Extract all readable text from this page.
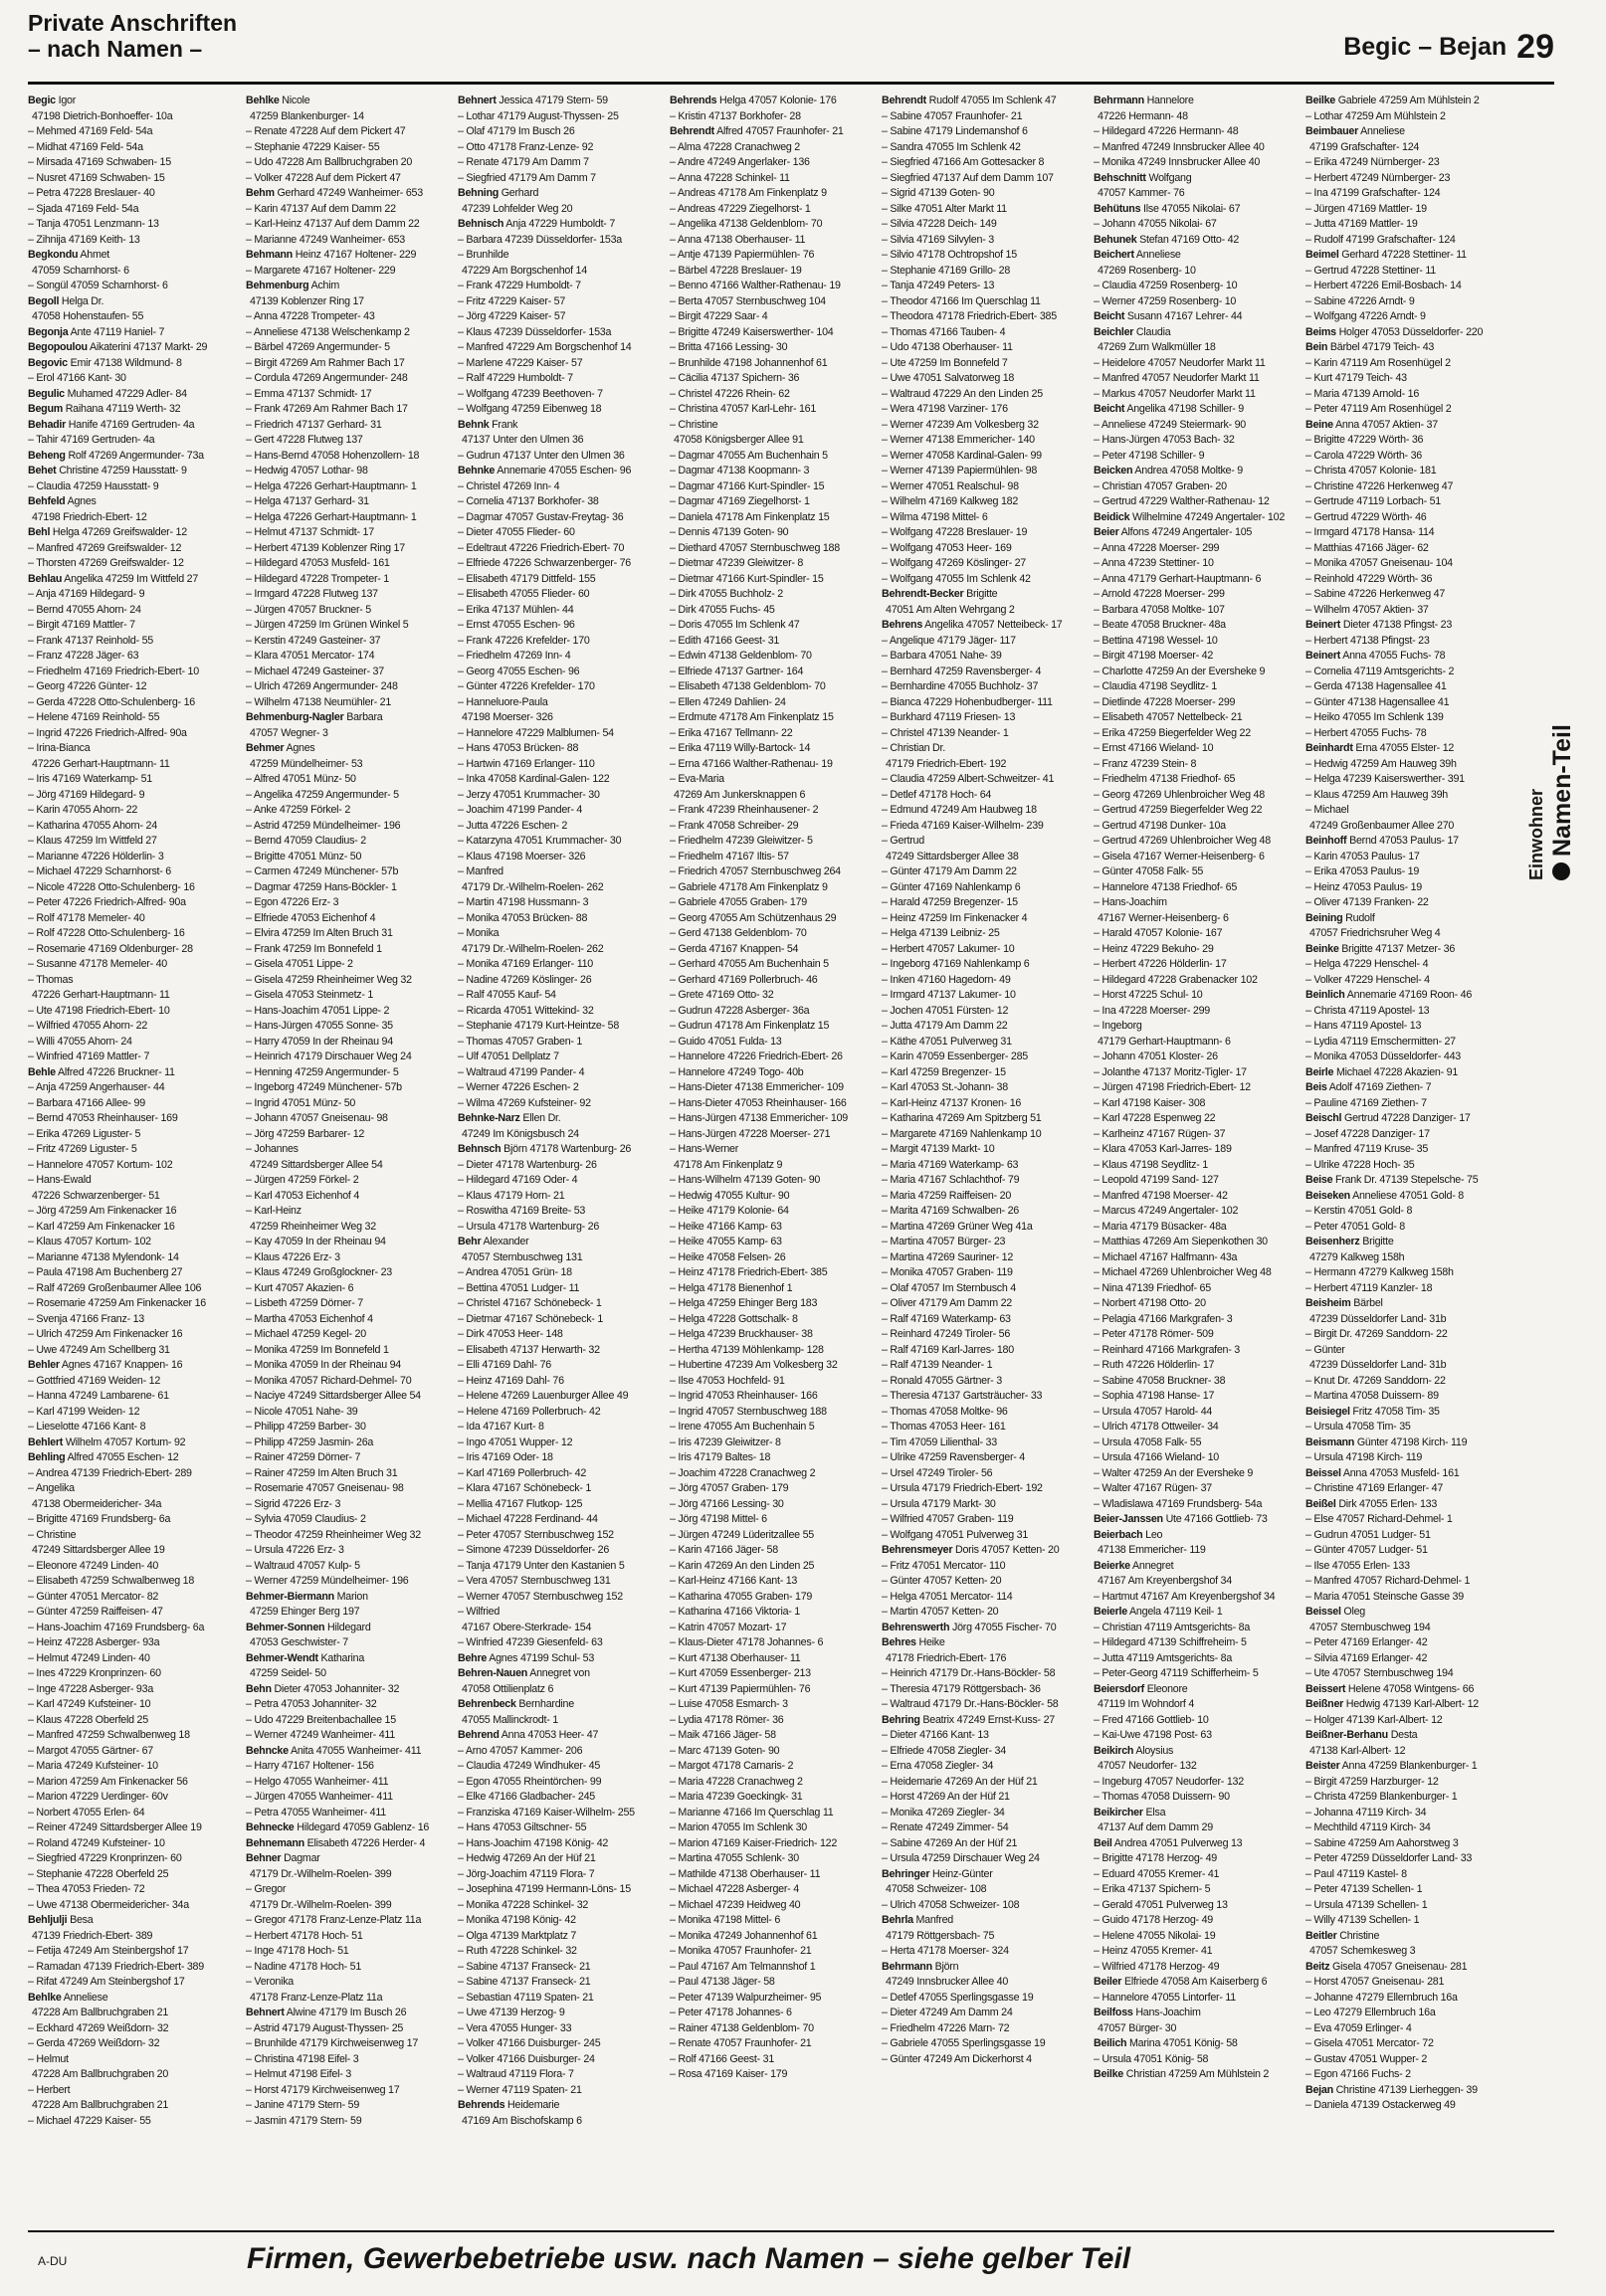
Private Anschriften
– nach Namen –	Begic – Bejan 29
Begic Igor
47198 Dietrich-Bonhoeffer- 10a
– Mehmed 47169 Feld- 54a
– Midhat 47169 Feld- 54a
– Mirsada 47169 Schwaben- 15
– Nusret 47169 Schwaben- 15
– Petra 47228 Breslauer- 40
– Sjada 47169 Feld- 54a
– Tanja 47051 Lenzmann- 13
– Zihnija 47169 Keith- 13
Begkondu Ahmet
47059 Scharnhorst- 6
– Songül 47059 Scharnhorst- 6
Begoll Helga Dr.
47058 Hohenstaufen- 55
Begonja Ante 47119 Haniel- 7
Begopoulou Aikaterini 47137 Markt- 29
Begovic Emir 47138 Wildmund- 8
– Erol 47166 Kant- 30
Begulic Muhamed 47229 Adler- 84
Begum Raihana 47119 Werth- 32
Behadir Hanife 47169 Gertruden- 4a
– Tahir 47169 Gertruden- 4a
Beheng Rolf 47269 Angermunder- 73a
Behet Christine 47259 Hausstatt- 9
– Claudia 47259 Hausstatt- 9
Behfeld Agnes
47198 Friedrich-Ebert- 12
Behl Helga 47269 Greifswalder- 12
– Manfred 47269 Greifswalder- 12
– Thorsten 47269 Greifswalder- 12
Behlau Angelika 47259 Im Wittfeld 27
– Anja 47169 Hildegard- 9
– Bernd 47055 Ahorn- 24
– Birgit 47169 Mattler- 7
– Frank 47137 Reinhold- 55
– Franz 47228 Jäger- 63
– Friedhelm 47169 Friedrich-Ebert- 10
– Georg 47226 Günter- 12
– Gerda 47228 Otto-Schulenberg- 16
– Helene 47169 Reinhold- 55
– Ingrid 47226 Friedrich-Alfred- 90a
– Irina-Bianca
47226 Gerhart-Hauptmann- 11
– Iris 47169 Waterkamp- 51
– Jörg 47169 Hildegard- 9
– Karin 47055 Ahorn- 22
– Katharina 47055 Ahorn- 24
– Klaus 47259 Im Wittfeld 27
– Marianne 47226 Hölderlin- 3
– Michael 47229 Scharnhorst- 6
– Nicole 47228 Otto-Schulenberg- 16
– Peter 47226 Friedrich-Alfred- 90a
– Rolf 47178 Memeler- 40
– Rolf 47228 Otto-Schulenberg- 16
– Rosemarie 47169 Oldenburger- 28
– Susanne 47178 Memeler- 40
– Thomas
47226 Gerhart-Hauptmann- 11
– Ute 47198 Friedrich-Ebert- 10
– Wilfried 47055 Ahorn- 22
– Willi 47055 Ahorn- 24
– Winfried 47169 Mattler- 7
Behle Alfred 47226 Bruckner- 11
– Anja 47259 Angerhauser- 44
– Barbara 47166 Allee- 99
– Bernd 47053 Rheinhauser- 169
– Erika 47269 Liguster- 5
– Fritz 47269 Liguster- 5
– Hannelore 47057 Kortum- 102
– Hans-Ewald
47226 Schwarzenberger- 51
– Jörg 47259 Am Finkenacker 16
– Karl 47259 Am Finkenacker 16
– Klaus 47057 Kortum- 102
– Marianne 47138 Mylendonk- 14
– Paula 47198 Am Buchenberg 27
– Ralf 47269 Großenbaumer Allee 106
– Rosemarie 47259 Am Finkenacker 16
– Svenja 47166 Franz- 13
– Ulrich 47259 Am Finkenacker 16
– Uwe 47249 Am Schellberg 31
Behler Agnes 47167 Knappen- 16
– Gottfried 47169 Weiden- 12
– Hanna 47249 Lambarene- 61
– Karl 47199 Weiden- 12
– Lieselotte 47166 Kant- 8
Behlert Wilhelm 47057 Kortum- 92
Behling Alfred 47055 Eschen- 12
– Andrea 47139 Friedrich-Ebert- 289
– Angelika
47138 Obermeidericher- 34a
– Brigitte 47169 Frundsberg- 6a
– Christine
47249 Sittardsberger Allee 19
– Eleonore 47249 Linden- 40
– Elisabeth 47259 Schwalbenweg 18
– Günter 47051 Mercator- 82
– Günter 47259 Raiffeisen- 47
– Hans-Joachim 47169 Frundsberg- 6a
– Heinz 47228 Asberger- 93a
– Helmut 47249 Linden- 40
– Ines 47229 Kronprinzen- 60
– Inge 47228 Asberger- 93a
– Karl 47249 Kufsteiner- 10
– Klaus 47228 Oberfeld 25
– Manfred 47259 Schwalbenweg 18
– Margot 47055 Gärtner- 67
– Maria 47249 Kufsteiner- 10
– Marion 47259 Am Finkenacker 56
– Marion 47229 Uerdinger- 60v
– Norbert 47055 Erlen- 64
– Reiner 47249 Sittardsberger Allee 19
– Roland 47249 Kufsteiner- 10
– Siegfried 47229 Kronprinzen- 60
– Stephanie 47228 Oberfeld 25
– Thea 47053 Frieden- 72
– Uwe 47138 Obermeidericher- 34a
Behljulji Besa
47139 Friedrich-Ebert- 389
– Fetija 47249 Am Steinbergshof 17
– Ramadan 47139 Friedrich-Ebert- 389
– Rifat 47249 Am Steinbergshof 17
Behlke Anneliese
47228 Am Ballbruchgraben 21
– Eckhard 47269 Weißdorn- 32
– Gerda 47269 Weißdorn- 32
– Helmut
47228 Am Ballbruchgraben 20
– Herbert
47228 Am Ballbruchgraben 21
– Michael 47229 Kaiser- 55
Behlke Nicole
47259 Blankenburger- 14
– Renate 47228 Auf dem Pickert 47
– Stephanie 47229 Kaiser- 55
– Udo 47228 Am Ballbruchgraben 20
– Volker 47228 Auf dem Pickert 47
Behm Gerhard 47249 Wanheimer- 653
– Karin 47137 Auf dem Damm 22
– Karl-Heinz 47137 Auf dem Damm 22
– Marianne 47249 Wanheimer- 653
Behmann Heinz 47167 Holtener- 229
– Margarete 47167 Holtener- 229
Behmenburg Achim
47139 Koblenzer Ring 17
– Anna 47228 Trompeter- 43
– Anneliese 47138 Welschenkamp 2
– Bärbel 47269 Angermunder- 5
– Birgit 47269 Am Rahmer Bach 17
– Cordula 47269 Angermunder- 248
– Emma 47137 Schmidt- 17
– Frank 47269 Am Rahmer Bach 17
– Friedrich 47137 Gerhard- 31
– Gert 47228 Flutweg 137
– Hans-Bernd 47058 Hohenzollern- 18
– Hedwig 47057 Lothar- 98
– Helga 47226 Gerhart-Hauptmann- 1
– Helga 47137 Gerhard- 31
– Helga 47226 Gerhart-Hauptmann- 1
– Helmut 47137 Schmidt- 17
– Herbert 47139 Koblenzer Ring 17
– Hildegard 47053 Musfeld- 161
– Hildegard 47228 Trompeter- 1
– Irmgard 47228 Flutweg 137
– Jürgen 47057 Bruckner- 5
– Jürgen 47259 Im Grünen Winkel 5
– Kerstin 47249 Gasteiner- 37
– Klara 47051 Mercator- 174
– Michael 47249 Gasteiner- 37
– Ulrich 47269 Angermunder- 248
– Wilhelm 47138 Neumühler- 21
Behmenburg-Nagler Barbara
47057 Wegner- 3
Behmer Agnes
47259 Mündelheimer- 53
– Alfred 47051 Münz- 50
– Angelika 47259 Angermunder- 5
– Anke 47259 Förkel- 2
– Astrid 47259 Mündelheimer- 196
– Bernd 47059 Claudius- 2
– Brigitte 47051 Münz- 50
– Carmen 47249 Münchener- 57b
– Dagmar 47259 Hans-Böckler- 1
– Egon 47226 Erz- 3
– Elfriede 47053 Eichenhof 4
– Elvira 47259 Im Alten Bruch 31
– Frank 47259 Im Bonnefeld 1
– Gisela 47051 Lippe- 2
– Gisela 47259 Rheinheimer Weg 32
– Gisela 47053 Steinmetz- 1
– Hans-Joachim 47051 Lippe- 2
– Hans-Jürgen 47055 Sonne- 35
– Harry 47059 In der Rheinau 94
– Heinrich 47179 Dirschauer Weg 24
– Henning 47259 Angermunder- 5
– Ingeborg 47249 Münchener- 57b
– Ingrid 47051 Münz- 50
– Johann 47057 Gneisenau- 98
– Jörg 47259 Barbarer- 12
– Johannes
47249 Sittardsberger Allee 54
– Jürgen 47259 Förkel- 2
– Karl 47053 Eichenhof 4
– Karl-Heinz
47259 Rheinheimer Weg 32
– Kay 47059 In der Rheinau 94
– Klaus 47226 Erz- 3
– Klaus 47249 Großglockner- 23
– Kurt 47057 Akazien- 6
– Lisbeth 47259 Dörner- 7
– Martha 47053 Eichenhof 4
– Michael 47259 Kegel- 20
– Monika 47259 Im Bonnefeld 1
– Monika 47059 In der Rheinau 94
– Monika 47057 Richard-Dehmel- 70
– Naciye 47249 Sittardsberger Allee 54
– Nicole 47051 Nahe- 39
– Philipp 47259 Barber- 30
– Philipp 47259 Jasmin- 26a
– Rainer 47259 Dörner- 7
– Rainer 47259 Im Alten Bruch 31
– Rosemarie 47057 Gneisenau- 98
– Sigrid 47226 Erz- 3
– Sylvia 47059 Claudius- 2
– Theodor 47259 Rheinheimer Weg 32
– Ursula 47226 Erz- 3
– Waltraud 47057 Kulp- 5
– Werner 47259 Mündelheimer- 196
Behmer-Biermann Marion
47259 Ehinger Berg 197
Behmer-Sonnen Hildegard
47053 Geschwister- 7
Behmer-Wendt Katharina
47259 Seidel- 50
Behn Dieter 47053 Johanniter- 32
– Petra 47053 Johanniter- 32
– Udo 47229 Breitenbachallee 15
– Werner 47249 Wanheimer- 411
Behncke Anita 47055 Wanheimer- 411
– Harry 47167 Holtener- 156
– Helgo 47055 Wanheimer- 411
– Jürgen 47055 Wanheimer- 411
– Petra 47055 Wanheimer- 411
Behnecke Hildegard 47059 Gablenz- 16
Behnemann Elisabeth 47226 Herder- 4
Behner Dagmar
47179 Dr.-Wilhelm-Roelen- 399
– Gregor
47179 Dr.-Wilhelm-Roelen- 399
– Gregor 47178 Franz-Lenze-Platz 11a
– Herbert 47178 Hoch- 51
– Inge 47178 Hoch- 51
– Nadine 47178 Hoch- 51
– Veronika
47178 Franz-Lenze-Platz 11a
Behnert Alwine 47179 Im Busch 26
– Astrid 47179 August-Thyssen- 25
– Brunhilde 47179 Kirchweisenweg 17
– Christina 47198 Eifel- 3
– Helmut 47198 Eifel- 3
– Horst 47179 Kirchweisenweg 17
– Janine 47179 Stern- 59
– Jasmin 47179 Stern- 59
Behnert Jessica 47179 Stern- 59
– Lothar 47179 August-Thyssen- 25
– Olaf 47179 Im Busch 26
– Otto 47178 Franz-Lenze- 92
– Renate 47179 Am Damm 7
– Siegfried 47179 Am Damm 7
Behning Gerhard
47239 Lohfelder Weg 20
Behnisch Anja 47229 Humboldt- 7
– Barbara 47239 Düsseldorfer- 153a
– Brunhilde
47229 Am Borgschenhof 14
– Frank 47229 Humboldt- 7
– Fritz 47229 Kaiser- 57
– Jörg 47229 Kaiser- 57
– Klaus 47239 Düsseldorfer- 153a
– Manfred 47229 Am Borgschenhof 14
– Marlene 47229 Kaiser- 57
– Ralf 47229 Humboldt- 7
– Wolfgang 47239 Beethoven- 7
– Wolfgang 47259 Eibenweg 18
Behnk Frank
47137 Unter den Ulmen 36
– Gudrun 47137 Unter den Ulmen 36
Behnke Annemarie 47055 Eschen- 96
– Christel 47269 Inn- 4
– Cornelia 47137 Borkhofer- 38
– Dagmar 47057 Gustav-Freytag- 36
– Dieter 47055 Flieder- 60
– Edeltraut 47226 Friedrich-Ebert- 70
– Elfriede 47226 Schwarzenberger- 76
– Elisabeth 47179 Dittfeld- 155
– Elisabeth 47055 Flieder- 60
– Erika 47137 Mühlen- 44
– Ernst 47055 Eschen- 96
– Frank 47226 Krefelder- 170
– Friedhelm 47269 Inn- 4
– Georg 47055 Eschen- 96
– Günter 47226 Krefelder- 170
– Hanneluore-Paula
47198 Moerser- 326
– Hannelore 47229 Malblumen- 54
– Hans 47053 Brücken- 88
– Hartwin 47169 Erlanger- 110
– Inka 47058 Kardinal-Galen- 122
– Jerzy 47051 Krummacher- 30
– Joachim 47199 Pander- 4
– Jutta 47226 Eschen- 2
– Katarzyna 47051 Krummacher- 30
– Klaus 47198 Moerser- 326
– Manfred
47179 Dr.-Wilhelm-Roelen- 262
– Martin 47198 Hussmann- 3
– Monika 47053 Brücken- 88
– Monika
47179 Dr.-Wilhelm-Roelen- 262
– Monika 47169 Erlanger- 110
– Nadine 47269 Köslinger- 26
– Ralf 47055 Kauf- 54
– Ricarda 47051 Wittekind- 32
– Stephanie 47179 Kurt-Heintze- 58
– Thomas 47057 Graben- 1
– Ulf 47051 Dellplatz 7
– Waltraud 47199 Pander- 4
– Werner 47226 Eschen- 2
– Wilma 47269 Kufsteiner- 92
Behnke-Narz Ellen Dr.
47249 Im Königsbusch 24
Behnsch Björn 47178 Wartenburg- 26
– Dieter 47178 Wartenburg- 26
– Hildegard 47169 Oder- 4
– Klaus 47179 Horn- 21
– Roswitha 47169 Breite- 53
– Ursula 47178 Wartenburg- 26
Behr Alexander
47057 Sternbuschweg 131
– Andrea 47051 Grün- 18
– Bettina 47051 Ludger- 11
– Christel 47167 Schönebeck- 1
– Dietmar 47167 Schönebeck- 1
– Dirk 47053 Heer- 148
– Elisabeth 47137 Herwarth- 32
– Elli 47169 Dahl- 76
– Heinz 47169 Dahl- 76
– Helene 47269 Lauenburger Allee 49
– Helene 47169 Pollerbruch- 42
– Ida 47167 Kurt- 8
– Ingo 47051 Wupper- 12
– Iris 47169 Oder- 18
– Karl 47169 Pollerbruch- 42
– Klara 47167 Schönebeck- 1
– Mellia 47167 Flutkop- 125
– Michael 47228 Ferdinand- 44
– Peter 47057 Sternbuschweg 152
– Simone 47239 Düsseldorfer- 26
– Tanja 47179 Unter den Kastanien 5
– Vera 47057 Sternbuschweg 131
– Werner 47057 Sternbuschweg 152
– Wilfried
47167 Obere-Sterkrade- 154
– Winfried 47239 Giesenfeld- 63
Behre Agnes 47199 Schul- 53
Behren-Nauen Annegret von
47058 Ottilienplatz 6
Behrenbeck Bernhardine
47055 Mallinckrodt- 1
Behrend Anna 47053 Heer- 47
– Arno 47057 Kammer- 206
– Claudia 47249 Windhuker- 45
– Egon 47055 Rheintörchen- 99
– Elke 47166 Gladbacher- 245
– Franziska 47169 Kaiser-Wilhelm- 255
– Hans 47053 Giltschner- 55
– Hans-Joachim 47198 König- 42
– Hedwig 47269 An der Hüf 21
– Jörg-Joachim 47119 Flora- 7
– Josephina 47199 Hermann-Löns- 15
– Monika 47228 Schinkel- 32
– Monika 47198 König- 42
– Olga 47139 Marktplatz 7
– Ruth 47228 Schinkel- 32
– Sabine 47137 Franseck- 21
– Sabine 47137 Franseck- 21
– Sebastian 47119 Spaten- 21
– Uwe 47139 Herzog- 9
– Vera 47055 Hunger- 33
– Volker 47166 Duisburger- 245
– Volker 47166 Duisburger- 24
– Waltraud 47119 Flora- 7
– Werner 47119 Spaten- 21
Behrends Heidemarie
47169 Am Bischofskamp 6
Behrends Helga 47057 Kolonie- 176
– Kristin 47137 Borkhofer- 28
Behrendt Alfred 47057 Fraunhofer- 21
– Alma 47228 Cranachweg 2
– Andre 47249 Angerlaker- 136
– Anna 47228 Schinkel- 11
– Andreas 47178 Am Finkenplatz 9
– Andreas 47229 Ziegelhorst- 1
– Angelika 47138 Geldenblom- 70
– Anna 47138 Oberhauser- 11
– Antje 47139 Papiermühlen- 76
– Bärbel 47228 Breslauer- 19
– Benno 47166 Walther-Rathenau- 19
– Berta 47057 Sternbuschweg 104
– Birgit 47229 Saar- 4
– Brigitte 47249 Kaiserswerther- 104
– Britta 47166 Lessing- 30
– Brunhilde 47198 Johannenhof 61
– Cäcilia 47137 Spichern- 36
– Christel 47226 Rhein- 62
– Christina 47057 Karl-Lehr- 161
– Christine
47058 Königsberger Allee 91
– Dagmar 47055 Am Buchenhain 5
– Dagmar 47138 Koopmann- 3
– Dagmar 47166 Kurt-Spindler- 15
– Dagmar 47169 Ziegelhorst- 1
– Daniela 47178 Am Finkenplatz 15
– Dennis 47139 Goten- 90
– Diethard 47057 Sternbuschweg 188
– Dietmar 47239 Gleiwitzer- 8
– Dietmar 47166 Kurt-Spindler- 15
– Dirk 47055 Buchholz- 2
– Dirk 47055 Fuchs- 45
– Doris 47055 Im Schlenk 47
– Edith 47166 Geest- 31
– Edwin 47138 Geldenblom- 70
– Elfriede 47137 Gartner- 164
– Elisabeth 47138 Geldenblom- 70
– Ellen 47249 Dahlien- 24
– Erdmute 47178 Am Finkenplatz 15
– Erika 47167 Tellmann- 22
– Erika 47119 Willy-Bartock- 14
– Erna 47166 Walther-Rathenau- 19
– Eva-Maria
47269 Am Junkersknappen 6
– Frank 47239 Rheinhausener- 2
– Frank 47058 Schreiber- 29
– Friedhelm 47239 Gleiwitzer- 5
– Friedhelm 47167 Iltis- 57
– Friedrich 47057 Sternbuschweg 264
– Gabriele 47178 Am Finkenplatz 9
– Gabriele 47055 Graben- 179
– Georg 47055 Am Schützenhaus 29
– Gerd 47138 Geldenblom- 70
– Gerda 47167 Knappen- 54
– Gerhard 47055 Am Buchenhain 5
– Gerhard 47169 Pollerbruch- 46
– Grete 47169 Otto- 32
– Gudrun 47228 Asberger- 36a
– Gudrun 47178 Am Finkenplatz 15
– Guido 47051 Fulda- 13
– Hannelore 47226 Friedrich-Ebert- 26
– Hannelore 47249 Togo- 40b
– Hans-Dieter 47138 Emmericher- 109
– Hans-Dieter 47053 Rheinhauser- 166
– Hans-Jürgen 47138 Emmericher- 109
– Hans-Jürgen 47228 Moerser- 271
– Hans-Werner
47178 Am Finkenplatz 9
– Hans-Wilhelm 47139 Goten- 90
– Hedwig 47055 Kultur- 90
– Heike 47179 Kolonie- 64
– Heike 47166 Kamp- 63
– Heike 47055 Kamp- 63
– Heike 47058 Felsen- 26
– Heinz 47178 Friedrich-Ebert- 385
– Helga 47178 Bienenhof 1
– Helga 47259 Ehinger Berg 183
– Helga 47228 Gottschalk- 8
– Helga 47239 Bruckhauser- 38
– Hertha 47139 Möhlenkamp- 128
– Hubertine 47239 Am Volkesberg 32
– Ilse 47053 Hochfeld- 91
– Ingrid 47053 Rheinhauser- 166
– Ingrid 47057 Sternbuschweg 188
– Irene 47055 Am Buchenhain 5
– Iris 47239 Gleiwitzer- 8
– Iris 47179 Baltes- 18
– Joachim 47228 Cranachweg 2
– Jörg 47057 Graben- 179
– Jörg 47166 Lessing- 30
– Jörg 47198 Mittel- 6
– Jürgen 47249 Lüderitzallee 55
– Karin 47166 Jäger- 58
– Karin 47269 An den Linden 25
– Karl-Heinz 47166 Kant- 13
– Katharina 47055 Graben- 179
– Katharina 47166 Viktoria- 1
– Katrin 47057 Mozart- 17
– Klaus-Dieter 47178 Johannes- 6
– Kurt 47138 Oberhauser- 11
– Kurt 47059 Essenberger- 213
– Kurt 47139 Papiermühlen- 76
– Luise 47058 Esmarch- 3
– Lydia 47178 Römer- 36
– Maik 47166 Jäger- 58
– Marc 47139 Goten- 90
– Margot 47178 Carnaris- 2
– Maria 47228 Cranachweg 2
– Maria 47239 Goeckingk- 31
– Marianne 47166 Im Querschlag 11
– Marion 47055 Im Schlenk 30
– Marion 47169 Kaiser-Friedrich- 122
– Martina 47055 Schlenk- 30
– Mathilde 47138 Oberhauser- 11
– Michael 47228 Asberger- 4
– Michael 47239 Heidweg 40
– Monika 47198 Mittel- 6
– Monika 47249 Johannenhof 61
– Monika 47057 Fraunhofer- 21
– Paul 47167 Am Telmannshof 1
– Paul 47138 Jäger- 58
– Peter 47139 Walpurzheimer- 95
– Peter 47178 Johannes- 6
– Rainer 47138 Geldenblom- 70
– Renate 47057 Fraunhofer- 21
– Rolf 47166 Geest- 31
– Rosa 47169 Kaiser- 179
Behrendt Rudolf 47055 Im Schlenk 47
– Sabine 47057 Fraunhofer- 21
– Sabine 47179 Lindemanshof 6
– Sandra 47055 Im Schlenk 42
– Siegfried 47166 Am Gottesacker 8
– Siegfried 47137 Auf dem Damm 107
– Sigrid 47139 Goten- 90
– Silke 47051 Alter Markt 11
– Silvia 47228 Deich- 149
– Silvia 47169 Silvylen- 3
– Silvio 47178 Ochtropshof 15
– Stephanie 47169 Grillo- 28
– Tanja 47249 Peters- 13
– Theodor 47166 Im Querschlag 11
– Theodora 47178 Friedrich-Ebert- 385
– Thomas 47166 Tauben- 4
– Udo 47138 Oberhauser- 11
– Ute 47259 Im Bonnefeld 7
– Uwe 47051 Salvatorweg 18
– Waltraud 47229 An den Linden 25
– Wera 47198 Varziner- 176
– Werner 47239 Am Volkesberg 32
– Werner 47138 Emmericher- 140
– Werner 47058 Kardinal-Galen- 99
– Werner 47139 Papiermühlen- 98
– Werner 47051 Realschul- 98
– Wilhelm 47169 Kalkweg 182
– Wilma 47198 Mittel- 6
– Wolfgang 47228 Breslauer- 19
– Wolfgang 47053 Heer- 169
– Wolfgang 47269 Köslinger- 27
– Wolfgang 47055 Im Schlenk 42
Behrendt-Becker Brigitte
47051 Am Alten Wehrgang 2
Behrens Angelika 47057 Netteibeck- 17
– Angelique 47179 Jäger- 117
– Barbara 47051 Nahe- 39
– Bernhard 47259 Ravensberger- 4
– Bernhardine 47055 Buchholz- 37
– Bianca 47229 Hohenbudberger- 111
– Burkhard 47119 Friesen- 13
– Christel 47139 Neander- 1
– Christian Dr.
47179 Friedrich-Ebert- 192
– Claudia 47259 Albert-Schweitzer- 41
– Detlef 47178 Hoch- 64
– Edmund 47249 Am Haubweg 18
– Frieda 47169 Kaiser-Wilhelm- 239
– Gertrud
47249 Sittardsberger Allee 38
– Günter 47179 Am Damm 22
– Günter 47169 Nahlenkamp 6
– Harald 47259 Bregenzer- 15
– Heinz 47259 Im Finkenacker 4
– Helga 47139 Leibniz- 25
– Herbert 47057 Lakumer- 10
– Ingeborg 47169 Nahlenkamp 6
– Inken 47160 Hagedorn- 49
– Irmgard 47137 Lakumer- 10
– Jochen 47051 Fürsten- 12
– Jutta 47179 Am Damm 22
– Käthe 47051 Pulverweg 31
– Karin 47059 Essenberger- 285
– Karl 47259 Bregenzer- 15
– Karl 47053 St.-Johann- 38
– Karl-Heinz 47137 Kronen- 16
– Katharina 47269 Am Spitzberg 51
– Margarete 47169 Nahlenkamp 10
– Margit 47139 Markt- 10
– Maria 47169 Waterkamp- 63
– Maria 47167 Schlachthof- 79
– Maria 47259 Raiffeisen- 20
– Marita 47169 Schwalben- 26
– Martina 47269 Grüner Weg 41a
– Martina 47057 Bürger- 23
– Martina 47269 Sauriner- 12
– Monika 47057 Graben- 119
– Olaf 47057 Im Sternbusch 4
– Oliver 47179 Am Damm 22
– Ralf 47169 Waterkamp- 63
– Reinhard 47249 Tiroler- 56
– Ralf 47169 Karl-Jarres- 180
– Ralf 47139 Neander- 1
– Ronald 47055 Gärtner- 3
– Theresia 47137 Gartsträucher- 33
– Thomas 47058 Moltke- 96
– Thomas 47053 Heer- 161
– Tim 47059 Lilienthal- 33
– Ulrike 47259 Ravensberger- 4
– Ursel 47249 Tiroler- 56
– Ursula 47179 Friedrich-Ebert- 192
– Ursula 47179 Markt- 30
– Wilfried 47057 Graben- 119
– Wolfgang 47051 Pulverweg 31
Behrensmeyer Doris 47057 Ketten- 20
– Fritz 47051 Mercator- 110
– Günter 47057 Ketten- 20
– Helga 47051 Mercator- 114
– Martin 47057 Ketten- 20
Behrenswerth Jörg 47055 Fischer- 70
Behres Heike
47178 Friedrich-Ebert- 176
– Heinrich 47179 Dr.-Hans-Böckler- 58
– Theresia 47179 Röttgersbach- 36
– Waltraud 47179 Dr.-Hans-Böckler- 58
Behring Beatrix 47249 Ernst-Kuss- 27
– Dieter 47166 Kant- 13
– Elfriede 47058 Ziegler- 34
– Erna 47058 Ziegler- 34
– Heidemarie 47269 An der Hüf 21
– Horst 47269 An der Hüf 21
– Monika 47269 Ziegler- 34
– Renate 47249 Zimmer- 54
– Sabine 47269 An der Hüf 21
– Ursula 47259 Dirschauer Weg 24
Behringer Heinz-Günter
47058 Schweizer- 108
– Ulrich 47058 Schweizer- 108
Behrla Manfred
47179 Röttgersbach- 75
– Herta 47178 Moerser- 324
Behrmann Björn
47249 Innsbrucker Allee 40
– Detlef 47055 Sperlingsgasse 19
– Dieter 47249 Am Damm 24
– Friedhelm 47226 Marn- 72
– Gabriele 47055 Sperlingsgasse 19
– Günter 47249 Am Dickerhorst 4
Behrmann Hannelore
47226 Hermann- 48
– Hildegard 47226 Hermann- 48
– Manfred 47249 Innsbrucker Allee 40
– Monika 47249 Innsbrucker Allee 40
Behschnitt Wolfgang
47057 Kammer- 76
Behütuns Ilse 47055 Nikolai- 67
– Johann 47055 Nikolai- 67
Behunek Stefan 47169 Otto- 42
Beichert Anneliese
47269 Rosenberg- 10
– Claudia 47259 Rosenberg- 10
– Werner 47259 Rosenberg- 10
Beicht Susann 47167 Lehrer- 44
Beichler Claudia
47269 Zum Walkmüller 18
– Heidelore 47057 Neudorfer Markt 11
– Manfred 47057 Neudorfer Markt 11
– Markus 47057 Neudorfer Markt 11
Beicht Angelika 47198 Schiller- 9
– Anneliese 47249 Steiermark- 90
– Hans-Jürgen 47053 Bach- 32
– Peter 47198 Schiller- 9
Beicken Andrea 47058 Moltke- 9
– Christian 47057 Graben- 20
– Gertrud 47229 Walther-Rathenau- 12
Beidick Wilhelmine 47249 Angertaler- 102
Beier Alfons 47249 Angertaler- 105
– Anna 47228 Moerser- 299
– Anna 47239 Stettiner- 10
– Anna 47179 Gerhart-Hauptmann- 6
– Arnold 47228 Moerser- 299
– Barbara 47058 Moltke- 107
– Beate 47058 Bruckner- 48a
– Bettina 47198 Wessel- 10
– Birgit 47198 Moerser- 42
– Charlotte 47259 An der Eversheke 9
– Claudia 47198 Seydlitz- 1
– Dietlinde 47228 Moerser- 299
– Elisabeth 47057 Nettelbeck- 21
– Erika 47259 Biegerfelder Weg 22
– Ernst 47166 Wieland- 10
– Franz 47239 Stein- 8
– Friedhelm 47138 Friedhof- 65
– Georg 47269 Uhlenbroicher Weg 48
– Gertrud 47259 Biegerfelder Weg 22
– Gertrud 47198 Dunker- 10a
– Gertrud 47269 Uhlenbroicher Weg 48
– Gisela 47167 Werner-Heisenberg- 6
– Günter 47058 Falk- 55
– Hannelore 47138 Friedhof- 65
– Hans-Joachim
47167 Werner-Heisenberg- 6
– Harald 47057 Kolonie- 167
– Heinz 47229 Bekuho- 29
– Herbert 47226 Hölderlin- 17
– Hildegard 47228 Grabenacker 102
– Horst 47225 Schul- 10
– Ina 47228 Moerser- 299
– Ingeborg
47179 Gerhart-Hauptmann- 6
– Johann 47051 Kloster- 26
– Jolanthe 47137 Moritz-Tigler- 17
– Jürgen 47198 Friedrich-Ebert- 12
– Karl 47198 Kaiser- 308
– Karl 47228 Espenweg 22
– Karlheinz 47167 Rügen- 37
– Klara 47053 Karl-Jarres- 189
– Klaus 47198 Seydlitz- 1
– Leopold 47199 Sand- 127
– Manfred 47198 Moerser- 42
– Marcus 47249 Angertaler- 102
– Maria 47179 Büsacker- 48a
– Matthias 47269 Am Siepenkothen 30
– Michael 47167 Halfmann- 43a
– Michael 47269 Uhlenbroicher Weg 48
– Nina 47139 Friedhof- 65
– Norbert 47198 Otto- 20
– Pelagia 47166 Markgrafen- 3
– Peter 47178 Römer- 509
– Reinhard 47166 Markgrafen- 3
– Ruth 47226 Hölderlin- 17
– Sabine 47058 Bruckner- 38
– Sophia 47198 Hanse- 17
– Ursula 47057 Harold- 44
– Ulrich 47178 Ottweiler- 34
– Ursula 47058 Falk- 55
– Ursula 47166 Wieland- 10
– Walter 47259 An der Eversheke 9
– Walter 47167 Rügen- 37
– Wladislawa 47169 Frundsberg- 54a
Beier-Janssen Ute 47166 Gottlieb- 73
Beierbach Leo
47138 Emmericher- 119
Beierke Annegret
47167 Am Kreyenbergshof 34
– Hartmut 47167 Am Kreyenbergshof 34
Beierle Angela 47119 Keil- 1
– Christian 47119 Amtsgerichts- 8a
– Hildegard 47139 Schiffreheim- 5
– Jutta 47119 Amtsgerichts- 8a
– Peter-Georg 47119 Schifferheim- 5
Beiersdorf Eleonore
47119 Im Wohndorf 4
– Fred 47166 Gottlieb- 10
– Kai-Uwe 47198 Post- 63
Beikirch Aloysius
47057 Neudorfer- 132
– Ingeburg 47057 Neudorfer- 132
– Thomas 47058 Duissern- 90
Beikircher Elsa
47137 Auf dem Damm 29
Beil Andrea 47051 Pulverweg 13
– Brigitte 47178 Herzog- 49
– Eduard 47055 Kremer- 41
– Erika 47137 Spichern- 5
– Gerald 47051 Pulverweg 13
– Guido 47178 Herzog- 49
– Helene 47055 Nikolai- 19
– Heinz 47055 Kremer- 41
– Wilfried 47178 Herzog- 49
Beiler Elfriede 47058 Am Kaiserberg 6
– Hannelore 47055 Lintorfer- 11
Beilfoss Hans-Joachim
47057 Bürger- 30
Beilich Marina 47051 König- 58
– Ursula 47051 König- 58
Beilke Christian 47259 Am Mühlstein 2
Beilke Gabriele 47259 Am Mühlstein 2
– Lothar 47259 Am Mühlstein 2
Beimbauer Anneliese
47199 Grafschafter- 124
– Erika 47249 Nürnberger- 23
– Herbert 47249 Nürnberger- 23
– Ina 47199 Grafschafter- 124
– Jürgen 47169 Mattler- 19
– Jutta 47169 Mattler- 19
– Rudolf 47199 Grafschafter- 124
Beimel Gerhard 47228 Stettiner- 11
– Gertrud 47228 Stettiner- 11
– Herbert 47226 Emil-Bosbach- 14
– Sabine 47226 Arndt- 9
– Wolfgang 47226 Arndt- 9
Beims Holger 47053 Düsseldorfer- 220
Bein Bärbel 47179 Teich- 43
– Karin 47119 Am Rosenhügel 2
– Kurt 47179 Teich- 43
– Maria 47139 Arnold- 16
– Peter 47119 Am Rosenhügel 2
Beine Anna 47057 Aktien- 37
– Brigitte 47229 Wörth- 36
– Carola 47229 Wörth- 36
– Christa 47057 Kolonie- 181
– Christine 47226 Herkenweg 47
– Gertrude 47119 Lorbach- 51
– Gertrud 47229 Wörth- 46
– Irmgard 47178 Hansa- 114
– Matthias 47166 Jäger- 62
– Monika 47057 Gneisenau- 104
– Reinhold 47229 Wörth- 36
– Sabine 47226 Herkenweg 47
– Wilhelm 47057 Aktien- 37
Beinert Dieter 47138 Pfingst- 23
– Herbert 47138 Pfingst- 23
Beinert Anna 47055 Fuchs- 78
– Cornelia 47119 Amtsgerichts- 2
– Gerda 47138 Hagensallee 41
– Günter 47138 Hagensallee 41
– Heiko 47055 Im Schlenk 139
– Herbert 47055 Fuchs- 78
Beinhardt Erna 47055 Elster- 12
– Hedwig 47259 Am Hauweg 39h
– Helga 47239 Kaiserswerther- 391
– Klaus 47259 Am Hauweg 39h
– Michael
47249 Großenbaumer Allee 270
Beinhoff Bernd 47053 Paulus- 17
– Karin 47053 Paulus- 17
– Erika 47053 Paulus- 19
– Heinz 47053 Paulus- 19
– Oliver 47139 Franken- 22
Beining Rudolf
47057 Friedrichsruher Weg 4
Beinke Brigitte 47137 Metzer- 36
– Helga 47229 Henschel- 4
– Volker 47229 Henschel- 4
Beinlich Annemarie 47169 Roon- 46
– Christa 47119 Apostel- 13
– Hans 47119 Apostel- 13
– Lydia 47119 Emschermitten- 27
– Monika 47053 Düsseldorfer- 443
Beirle Michael 47228 Akazien- 91
Beis Adolf 47169 Ziethen- 7
– Pauline 47169 Ziethen- 7
Beischl Gertrud 47228 Danziger- 17
– Josef 47228 Danziger- 17
– Manfred 47119 Kruse- 35
– Ulrike 47228 Hoch- 35
Beise Frank Dr. 47139 Stepelsche- 75
Beiseken Anneliese 47051 Gold- 8
– Kerstin 47051 Gold- 8
– Peter 47051 Gold- 8
Beisenherz Brigitte
47279 Kalkweg 158h
– Hermann 47279 Kalkweg 158h
– Herbert 47119 Kanzler- 18
Beisheim Bärbel
47239 Düsseldorfer Land- 31b
– Birgit Dr. 47269 Sanddorn- 22
– Günter
47239 Düsseldorfer Land- 31b
– Knut Dr. 47269 Sanddorn- 22
– Martina 47058 Duissern- 89
Beisiegel Fritz 47058 Tim- 35
– Ursula 47058 Tim- 35
Beismann Günter 47198 Kirch- 119
– Ursula 47198 Kirch- 119
Beissel Anna 47053 Musfeld- 161
– Christine 47169 Erlanger- 47
Beißel Dirk 47055 Erlen- 133
– Else 47057 Richard-Dehmel- 1
– Gudrun 47051 Ludger- 51
– Günter 47057 Ludger- 51
– Ilse 47055 Erlen- 133
– Manfred 47057 Richard-Dehmel- 1
– Maria 47051 Steinsche Gasse 39
Beissel Oleg
47057 Sternbuschweg 194
– Peter 47169 Erlanger- 42
– Silvia 47169 Erlanger- 42
– Ute 47057 Sternbuschweg 194
Beissert Helene 47058 Wintgens- 66
Beißner Hedwig 47139 Karl-Albert- 12
– Holger 47139 Karl-Albert- 12
Beißner-Berhanu Desta
47138 Karl-Albert- 12
Beister Anna 47259 Blankenburger- 1
– Birgit 47259 Harzburger- 12
– Christa 47259 Blankenburger- 1
– Johanna 47119 Kirch- 34
– Mechthild 47119 Kirch- 34
– Sabine 47259 Am Aahorstweg 3
– Peter 47259 Düsseldorfer Land- 33
– Paul 47119 Kastel- 8
– Peter 47139 Schellen- 1
– Ursula 47139 Schellen- 1
– Willy 47139 Schellen- 1
Beitler Christine
47057 Schemkesweg 3
Beitz Gisela 47057 Gneisenau- 281
– Horst 47057 Gneisenau- 281
– Johanne 47279 Ellernbruch 16a
– Leo 47279 Ellernbruch 16a
– Eva 47059 Erlinger- 4
– Gisela 47051 Mercator- 72
– Gustav 47051 Wupper- 2
– Egon 47166 Fuchs- 2
Bejan Christine 47139 Lierheggen- 39
– Daniela 47139 Ostackerweg 49
Einwohner Namen-Teil
A-DU	Firmen, Gewerbebetriebe usw. nach Namen – siehe gelber Teil
